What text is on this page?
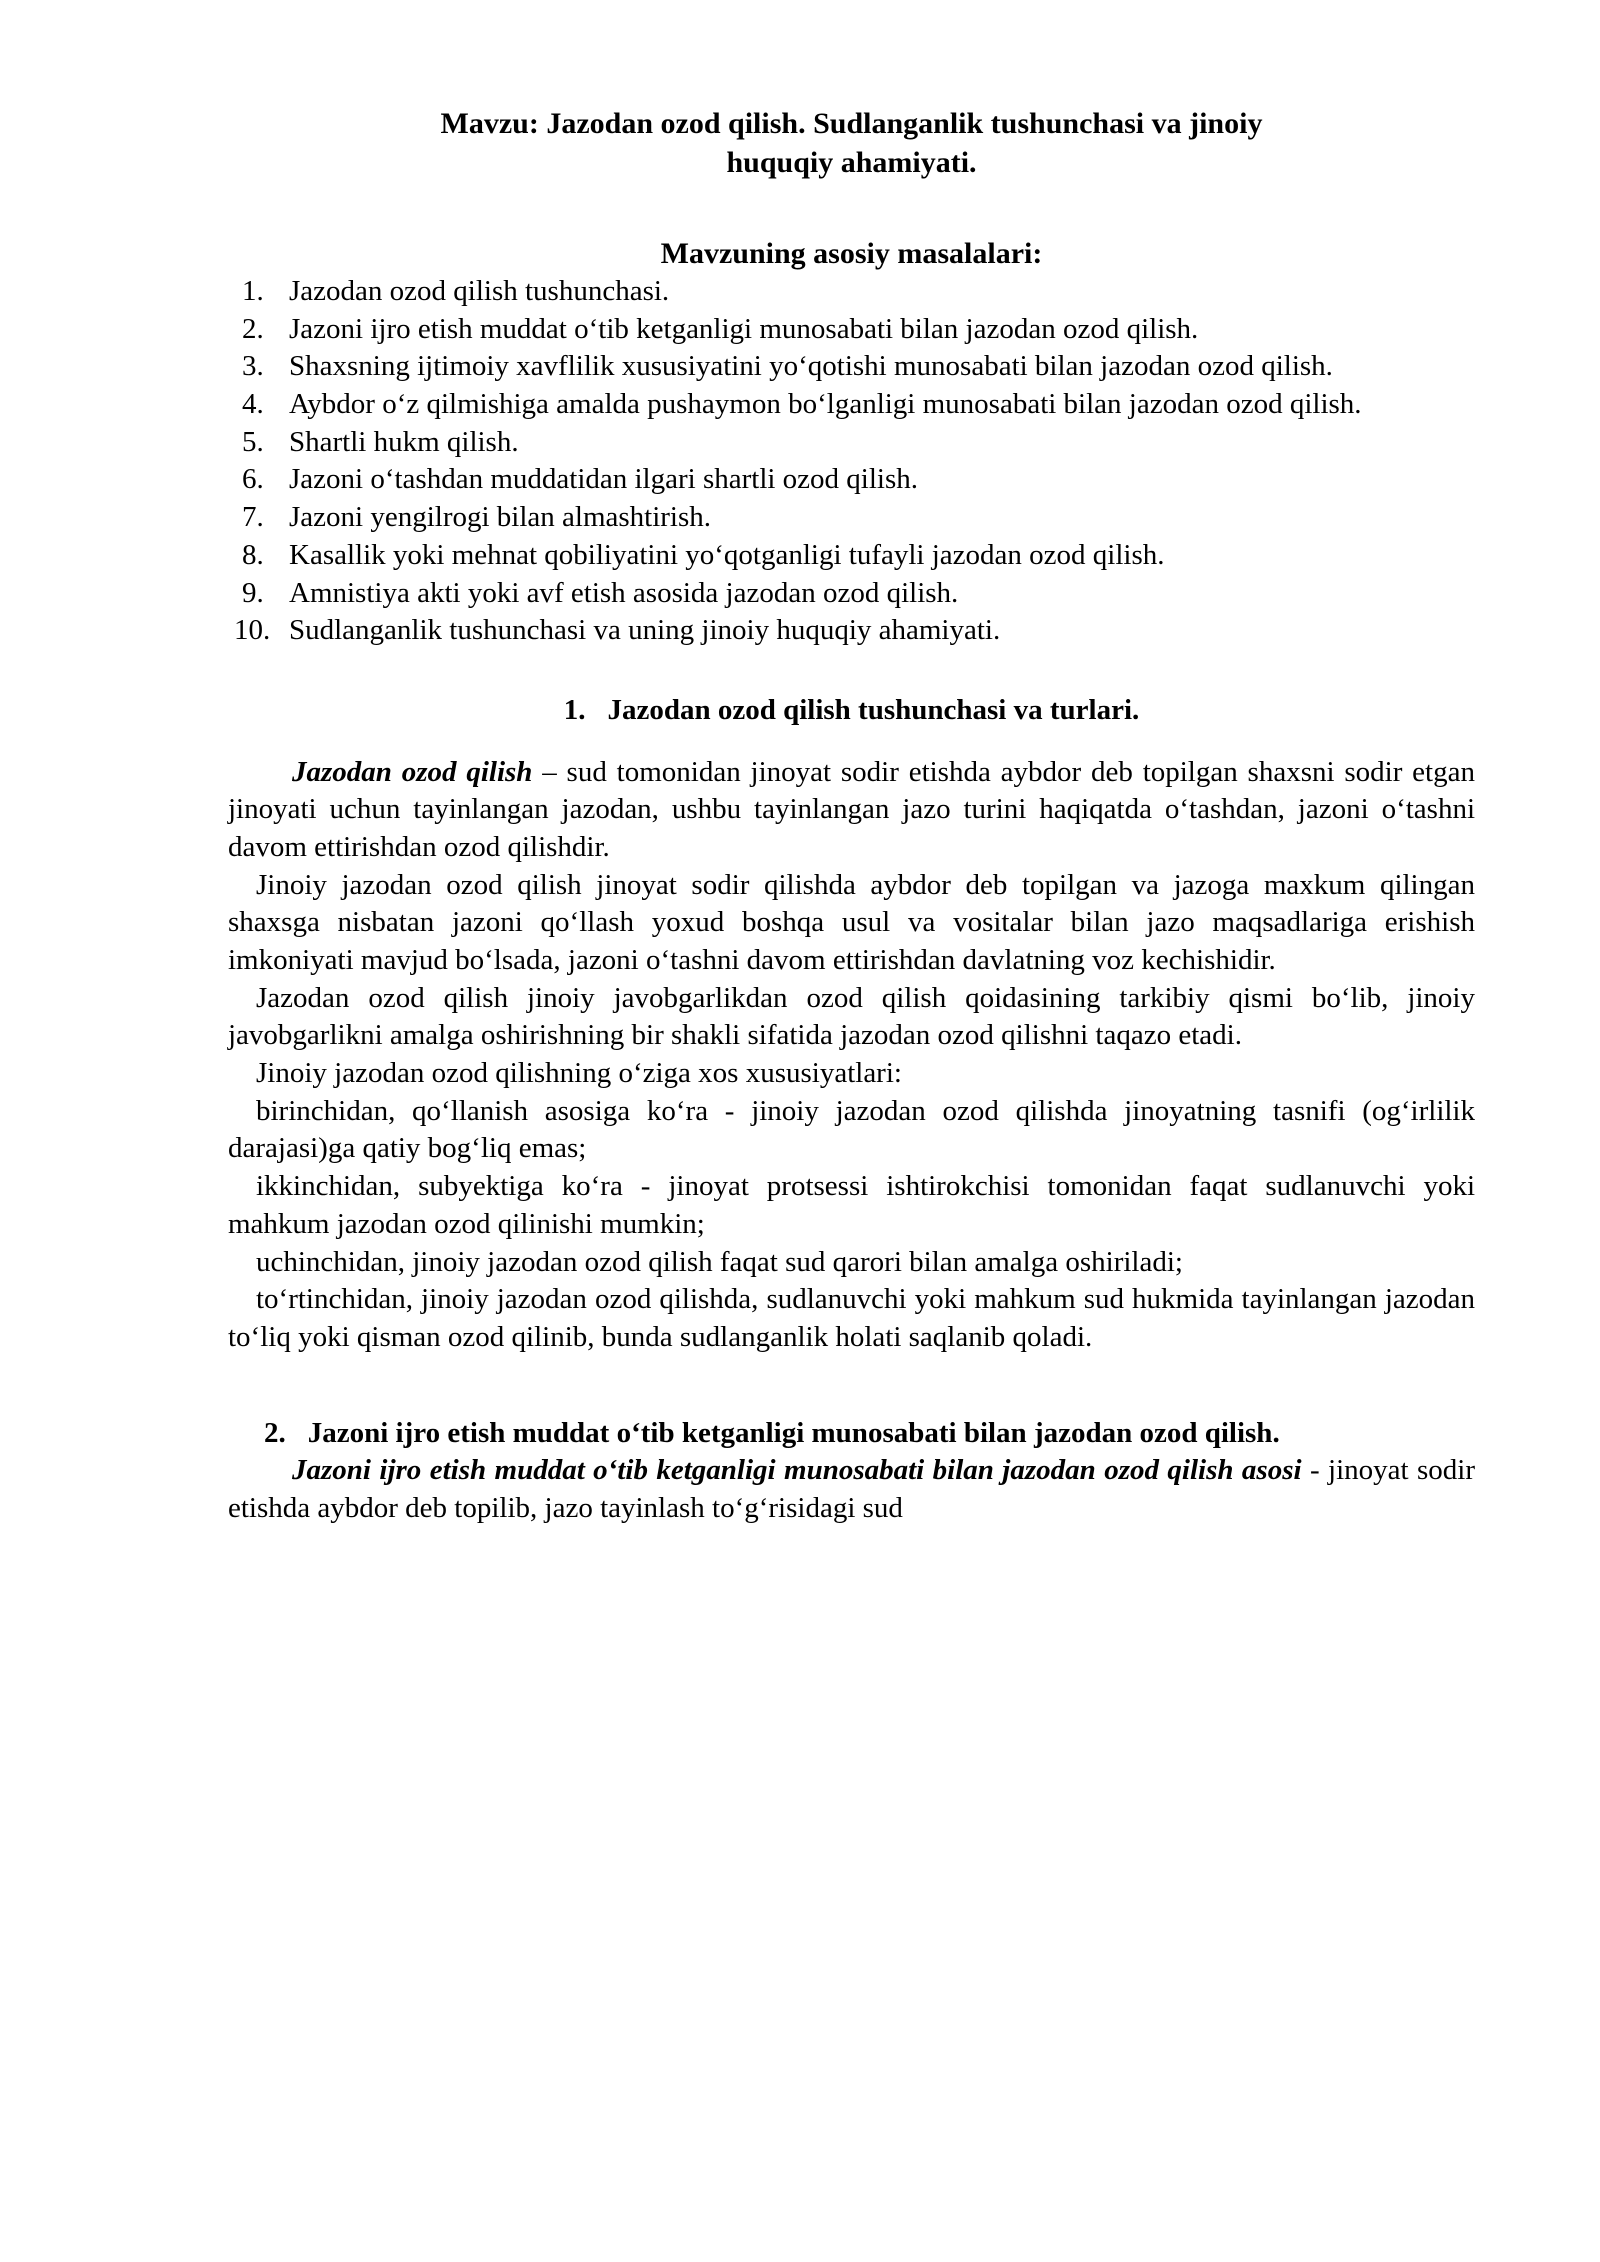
Mavzu: Jazodan ozod qilish. Sudlanganlik tushunchasi va jinoiy
huquqiy ahamiyati.
Mavzuning asosiy masalalari:
1. Jazodan ozod qilish tushunchasi.
2. Jazoni ijro etish muddat o‘tib ketganligi munosabati bilan jazodan ozod qilish.
3. Shaxsning ijtimoiy xavflilik xususiyatini yo‘qotishi munosabati bilan jazodan ozod qilish.
4. Aybdor o‘z qilmishiga amalda pushaymon bo‘lganligi munosabati bilan jazodan ozod qilish.
5. Shartli hukm qilish.
6. Jazoni o‘tashdan muddatidan ilgari shartli ozod qilish.
7. Jazoni yengilrogi bilan almashtirish.
8. Kasallik yoki mehnat qobiliyatini yo‘qotganligi tufayli jazodan ozod qilish.
9. Amnistiya akti yoki avf etish asosida jazodan ozod qilish.
10. Sudlanganlik tushunchasi va uning jinoiy huquqiy ahamiyati.
1. Jazodan ozod qilish tushunchasi va turlari.

Jazodan ozod qilish – sud tomonidan jinoyat sodir etishda aybdor deb topilgan shaxsni sodir etgan jinoyati uchun tayinlangan jazodan, ushbu tayinlangan jazo turini haqiqatda o‘tashdan, jazoni o‘tashni davom ettirishdan ozod qilishdir.

Jinoiy jazodan ozod qilish jinoyat sodir qilishda aybdor deb topilgan va jazoga maxkum qilingan shaxsga nisbatan jazoni qo‘llash yoxud boshqa usul va vositalar bilan jazo maqsadlariga erishish imkoniyati mavjud bo‘lsada, jazoni o‘tashni davom ettirishdan davlatning voz kechishidir.

Jazodan ozod qilish jinoiy javobgarlikdan ozod qilish qoidasining tarkibiy qismi bo‘lib, jinoiy javobgarlikni amalga oshirishning bir shakli sifatida jazodan ozod qilishni taqazo etadi.

Jinoiy jazodan ozod qilishning o‘ziga xos xususiyatlari:

birinchidan, qo‘llanish asosiga ko‘ra - jinoiy jazodan ozod qilishda jinoyatning tasnifi (og‘irlilik darajasi)ga qatiy bog‘liq emas;

ikkinchidan, subyektiga ko‘ra - jinoyat protsessi ishtirokchisi tomonidan faqat sudlanuvchi yoki mahkum jazodan ozod qilinishi mumkin;

uchinchidan, jinoiy jazodan ozod qilish faqat sud qarori bilan amalga oshiriladi;

to‘rtinchidan, jinoiy jazodan ozod qilishda, sudlanuvchi yoki mahkum sud hukmida tayinlangan jazodan to‘liq yoki qisman ozod qilinib, bunda sudlanganlik holati saqlanib qoladi.

2. Jazoni ijro etish muddat o‘tib ketganligi munosabati bilan jazodan ozod qilish.

Jazoni ijro etish muddat o‘tib ketganligi munosabati bilan jazodan ozod qilish asosi - jinoyat sodir etishda aybdor deb topilib, jazo tayinlash to‘g‘risidagi sud
